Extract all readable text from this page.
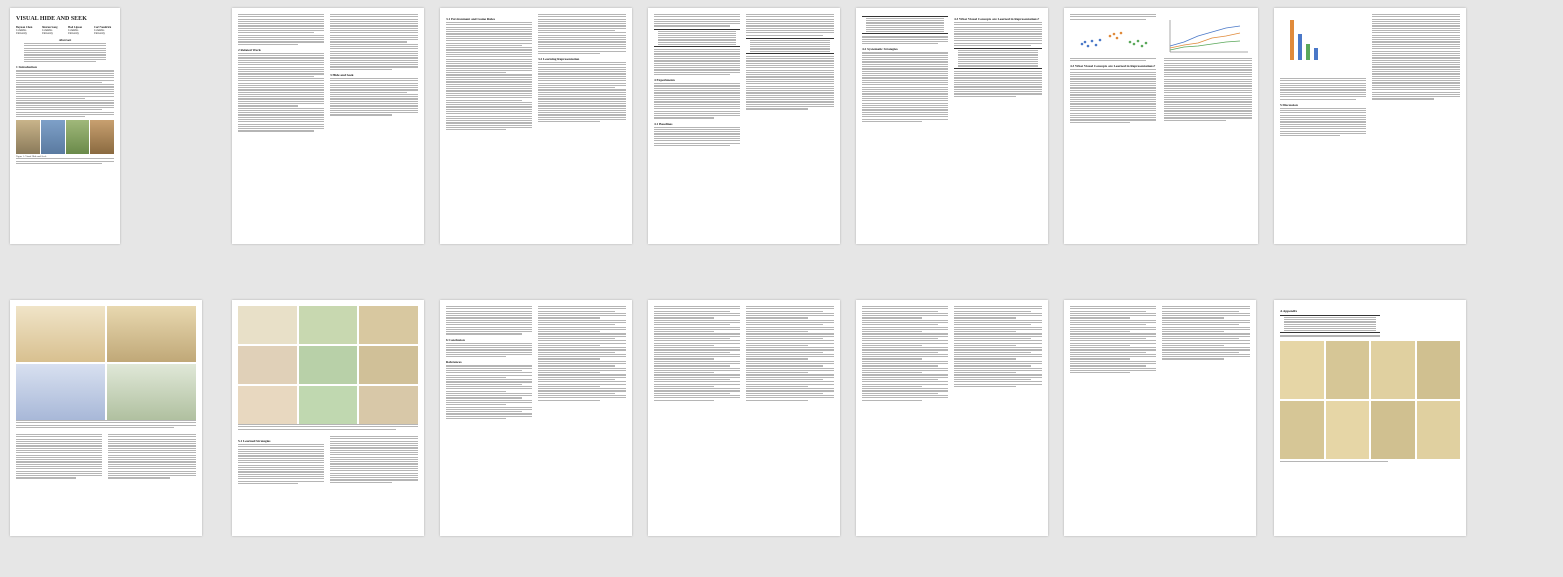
VISUAL HIDE AND SEEK
Boyuan Chen
Columbia University
Shuran Song
Columbia University
Hod Lipson
Columbia University
Carl Vondrick
Columbia University
Abstract
1 Introduction
Figure 1: Visual Hide-and-Seek
2 Related Work
3 Hide and Seek
3.1 Environment and Game Rules
3.2 Learning Representation
4 Experiments
4.1 Baselines
4.2 Systematic Strategies
4.3 What Visual Concepts are Learned in Representations?
4.3 What Visual Concepts are Learned in Representations?
5 Discussion
5.1 Learned Strategies
6 Conclusion
References
A Appendix
